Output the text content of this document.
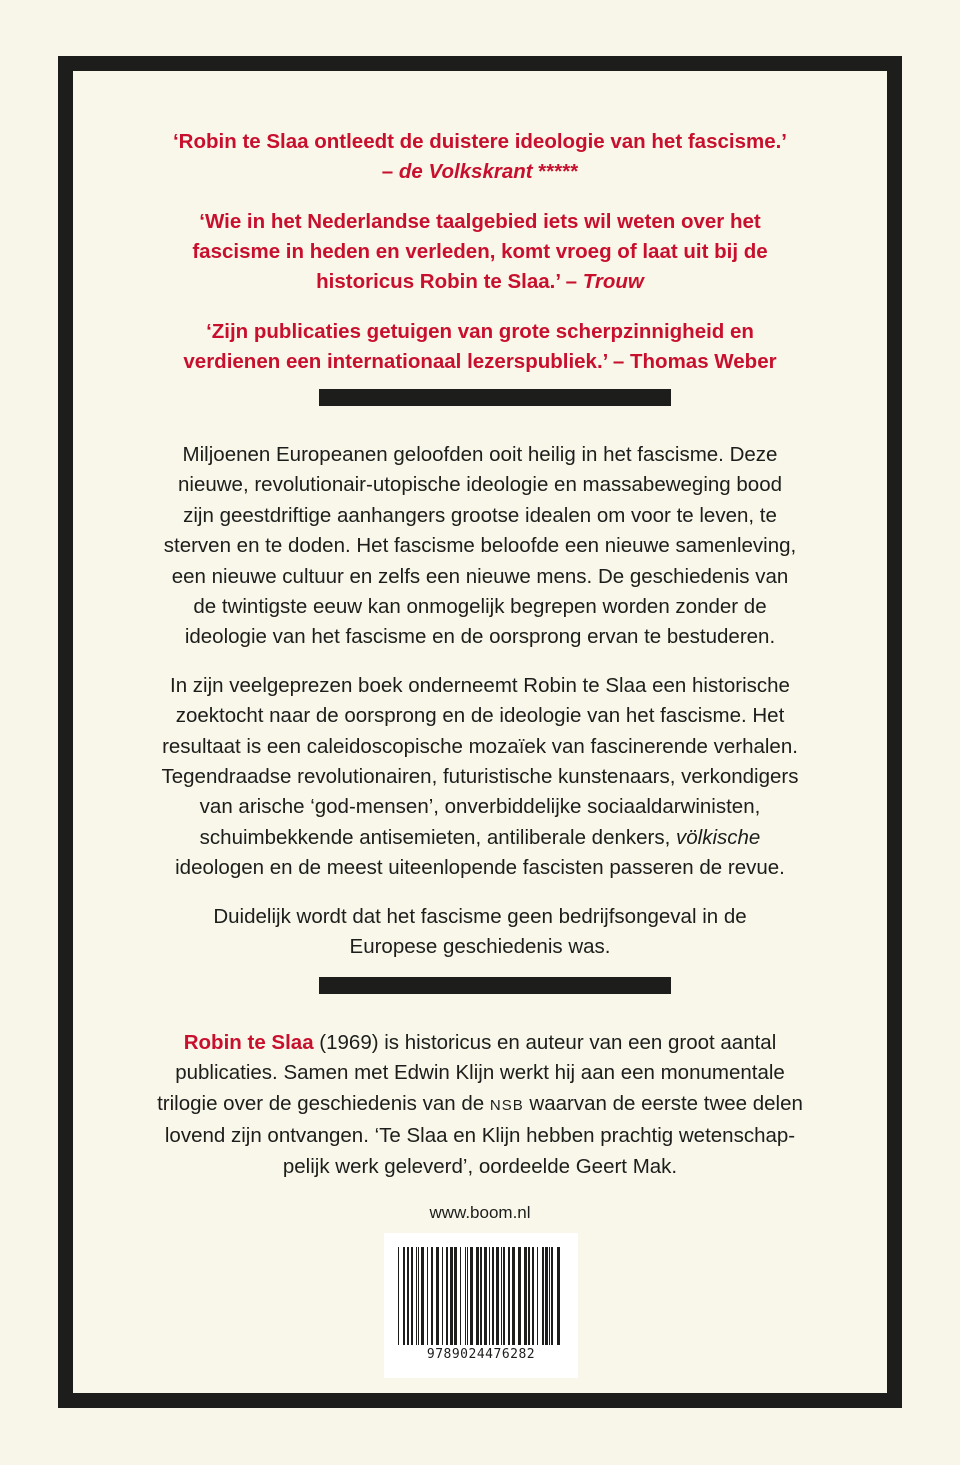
‘Robin te Slaa ontleedt de duistere ideologie van het fascisme.’
– de Volkskrant *****
‘Wie in het Nederlandse taalgebied iets wil weten over het
fascisme in heden en verleden, komt vroeg of laat uit bij de
historicus Robin te Slaa.’ – Trouw
‘Zijn publicaties getuigen van grote scherpzinnigheid en
verdienen een internationaal lezerspubliek.’ – Thomas Weber

Miljoenen Europeanen geloofden ooit heilig in het fascisme. Deze
nieuwe, revolutionair-utopische ideologie en massabeweging bood
zijn geestdriftige aanhangers grootse idealen om voor te leven, te
sterven en te doden. Het fascisme beloofde een nieuwe samenleving,
een nieuwe cultuur en zelfs een nieuwe mens. De geschiedenis van
de twintigste eeuw kan onmogelijk begrepen worden zonder de
ideologie van het fascisme en de oorsprong ervan te bestuderen.

In zijn veelgeprezen boek onderneemt Robin te Slaa een historische
zoektocht naar de oorsprong en de ideologie van het fascisme. Het
resultaat is een caleidoscopische mozaïek van fascinerende verhalen.
Tegendraadse revolutionairen, futuristische kunstenaars, verkondigers
van arische ‘god-mensen’, onverbiddelijke sociaaldarwinisten,
schuimbekkende antisemieten, antiliberale denkers, völkische
ideologen en de meest uiteenlopende fascisten passeren de revue.

Duidelijk wordt dat het fascisme geen bedrijfsongeval in de
Europese geschiedenis was.

Robin te Slaa (1969) is historicus en auteur van een groot aantal
publicaties. Samen met Edwin Klijn werkt hij aan een monumentale
trilogie over de geschiedenis van de NSB waarvan de eerste twee delen
lovend zijn ontvangen. ‘Te Slaa en Klijn hebben prachtig wetenschap-
pelijk werk geleverd’, oordeelde Geert Mak.

www.boom.nl
9789024476282
